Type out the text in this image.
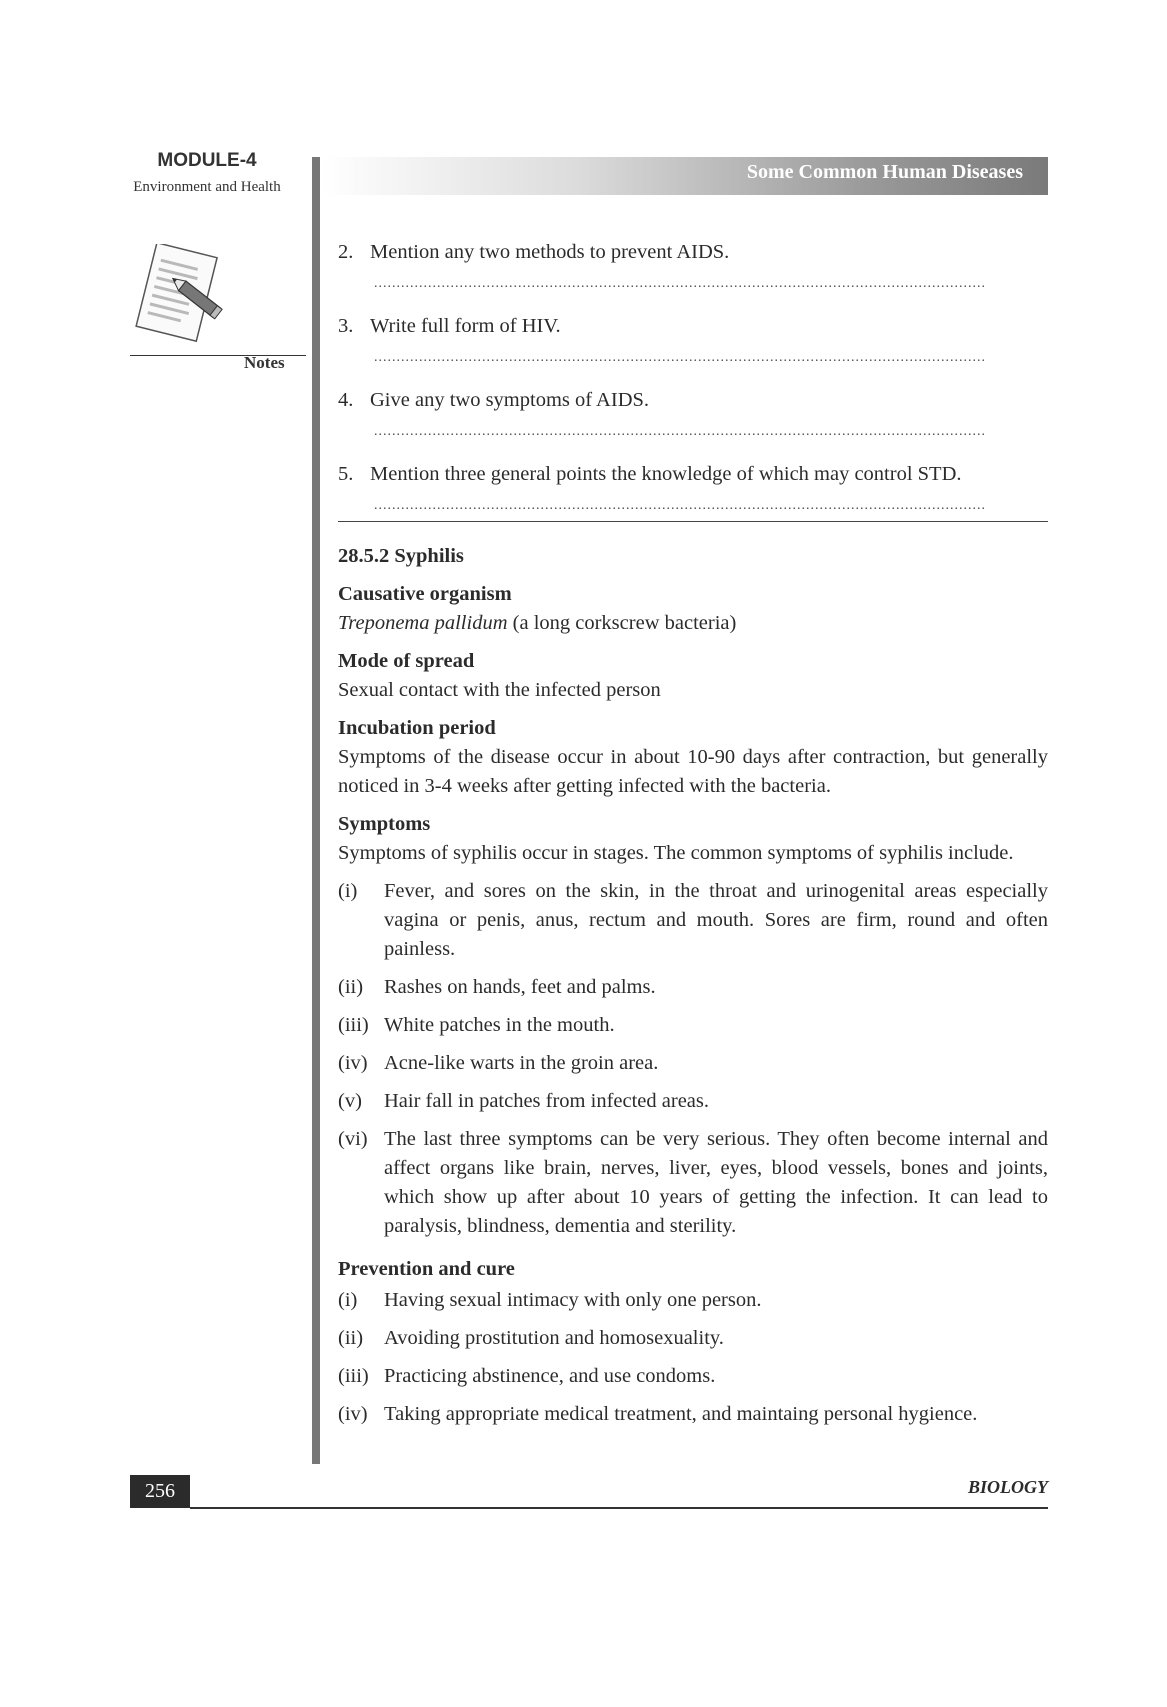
MODULE-4
Environment and Health
Notes
Some Common Human Diseases
2. Mention any two methods to prevent AIDS.
........................................................................................................................................
3. Write full form of HIV.
........................................................................................................................................
4. Give any two symptoms of AIDS.
........................................................................................................................................
5. Mention three general points the knowledge of which may control STD.
........................................................................................................................................
28.5.2 Syphilis
Causative organism
Treponema pallidum (a long corkscrew bacteria)
Mode of spread
Sexual contact with the infected person
Incubation period
Symptoms of the disease occur in about 10-90 days after contraction, but generally noticed in 3-4 weeks after getting infected with the bacteria.
Symptoms
Symptoms of syphilis occur in stages. The common symptoms of syphilis include.
(i)	Fever, and sores on the skin, in the throat and urinogenital areas especially vagina or penis, anus, rectum and mouth. Sores are firm, round and often painless.
(ii)	Rashes on hands, feet and palms.
(iii) White patches in the mouth.
(iv) Acne-like warts in the groin area.
(v)	Hair fall in patches from infected areas.
(vi) The last three symptoms can be very serious. They often become internal and affect organs like brain, nerves, liver, eyes, blood vessels, bones and joints, which show up after about 10 years of getting the infection. It can lead to paralysis, blindness, dementia and sterility.
Prevention and cure
(i)	Having sexual intimacy with only one person.
(ii)	Avoiding prostitution and homosexuality.
(iii) Practicing abstinence, and use condoms.
(iv) Taking appropriate medical treatment, and maintaing personal hygience.
256	BIOLOGY
